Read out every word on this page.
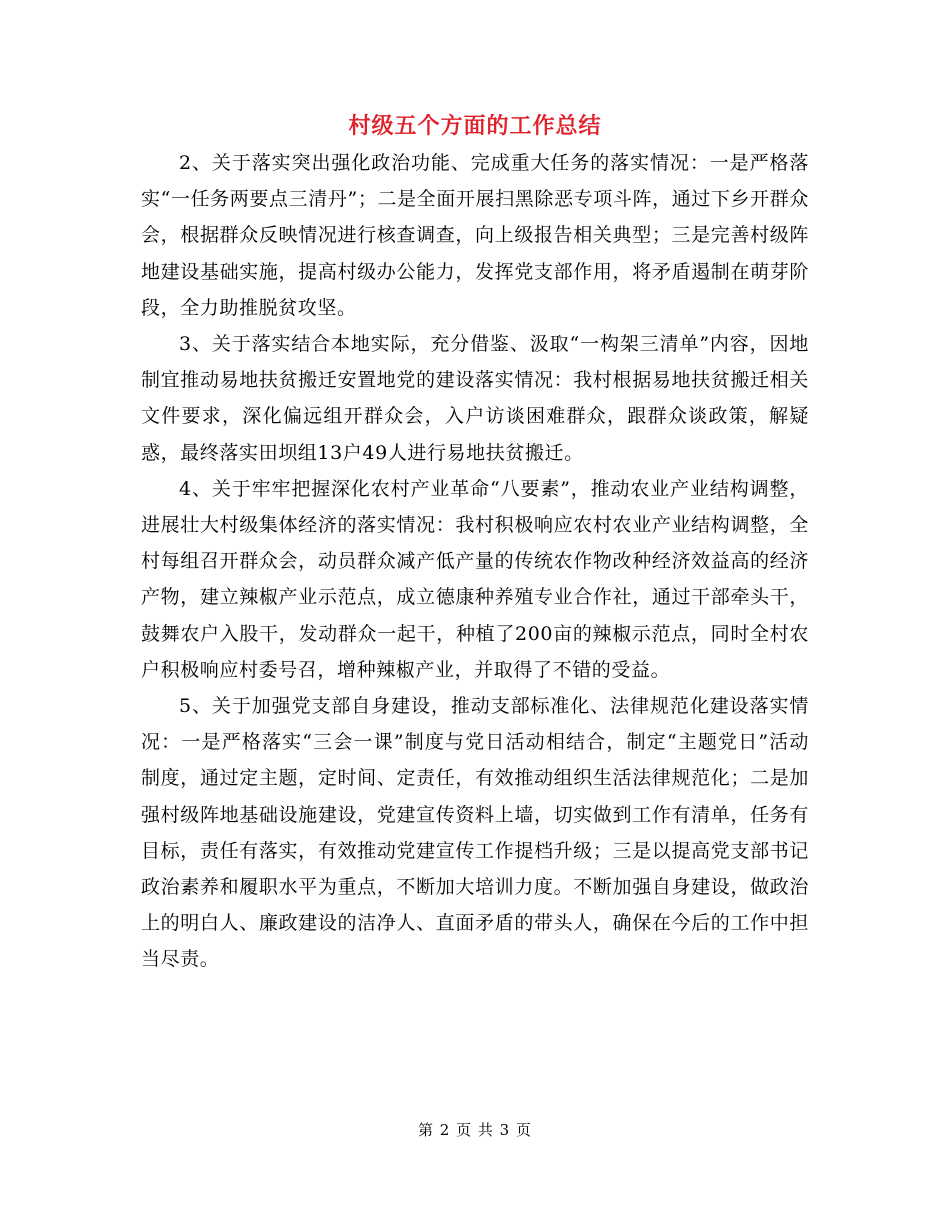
村级五个方面的工作总结

2、关于落实突出强化政治功能、完成重大任务的落实情况：一是严格落实“一任务两要点三清丹”；二是全面开展扫黑除恶专项斗阵，通过下乡开群众会，根据群众反映情况进行核查调查，向上级报告相关典型；三是完善村级阵地建设基础实施，提高村级办公能力，发挥党支部作用，将矛盾遏制在萌芽阶段，全力助推脱贫攻坚。

3、关于落实结合本地实际，充分借鉴、汲取“一构架三清单”内容，因地制宜推动易地扶贫搬迁安置地党的建设落实情况：我村根据易地扶贫搬迁相关文件要求，深化偏远组开群众会，入户访谈困难群众，跟群众谈政策，解疑惑，最终落实田坝组13户49人进行易地扶贫搬迁。

4、关于牢牢把握深化农村产业革命“八要素”，推动农业产业结构调整，进展壮大村级集体经济的落实情况：我村积极响应农村农业产业结构调整，全村每组召开群众会，动员群众减产低产量的传统农作物改种经济效益高的经济产物，建立辣椒产业示范点，成立德康种养殖专业合作社，通过干部牵头干，鼓舞农户入股干，发动群众一起干，种植了200亩的辣椒示范点，同时全村农户积极响应村委号召，增种辣椒产业，并取得了不错的受益。

5、关于加强党支部自身建设，推动支部标准化、法律规范化建设落实情况：一是严格落实“三会一课”制度与党日活动相结合，制定“主题党日”活动制度，通过定主题，定时间、定责任，有效推动组织生活法律规范化；二是加强村级阵地基础设施建设，党建宣传资料上墙，切实做到工作有清单，任务有目标，责任有落实，有效推动党建宣传工作提档升级；三是以提高党支部书记政治素养和履职水平为重点，不断加大培训力度。不断加强自身建设，做政治上的明白人、廉政建设的洁净人、直面矛盾的带头人，确保在今后的工作中担当尽责。

第 2 页 共 3 页
